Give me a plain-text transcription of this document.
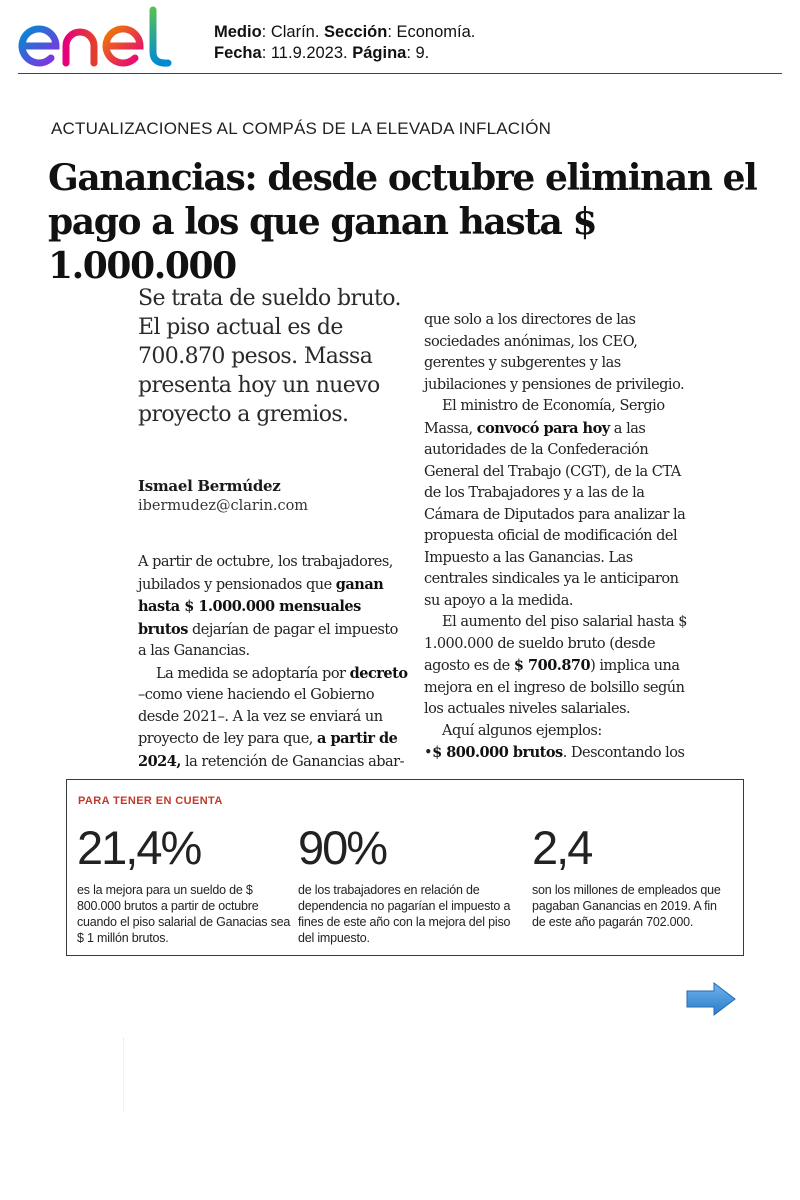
Medio: Clarín. Sección: Economía.
Fecha: 11.9.2023. Página: 9.
ACTUALIZACIONES AL COMPÁS DE LA ELEVADA INFLACIÓN
Ganancias: desde octubre eliminan el pago a los que ganan hasta $ 1.000.000

Se trata de sueldo bruto. El piso actual es de 700.870 pesos. Massa presenta hoy un nuevo proyecto a gremios.

Ismael Bermúdez
ibermudez@clarin.com

A partir de octubre, los trabajadores, jubilados y pensionados que ganan hasta $ 1.000.000 mensuales brutos dejarían de pagar el impuesto a las Ganancias.

La medida se adoptaría por decreto –como viene haciendo el Gobierno desde 2021–. A la vez se enviará un proyecto de ley para que, a partir de 2024, la retención de Ganancias abar-

que solo a los directores de las sociedades anónimas, los CEO, gerentes y subgerentes y las jubilaciones y pensiones de privilegio.

El ministro de Economía, Sergio Massa, convocó para hoy a las autoridades de la Confederación General del Trabajo (CGT), de la CTA de los Trabajadores y a las de la Cámara de Diputados para analizar la propuesta oficial de modificación del Impuesto a las Ganancias. Las centrales sindicales ya le anticiparon su apoyo a la medida.

El aumento del piso salarial hasta $ 1.000.000 de sueldo bruto (desde agosto es de $ 700.870) implica una mejora en el ingreso de bolsillo según los actuales niveles salariales.

Aquí algunos ejemplos:

•$ 800.000 brutos. Descontando los

PARA TENER EN CUENTA
21,4%
es la mejora para un sueldo de $ 800.000 brutos a partir de octubre cuando el piso salarial de Ganacias sea $ 1 millón brutos.
90%
de los trabajadores en relación de dependencia no pagarían el impuesto a fines de este año con la mejora del piso del impuesto.
2,4
son los millones de empleados que pagaban Ganancias en 2019. A fin de este año pagarán 702.000.
